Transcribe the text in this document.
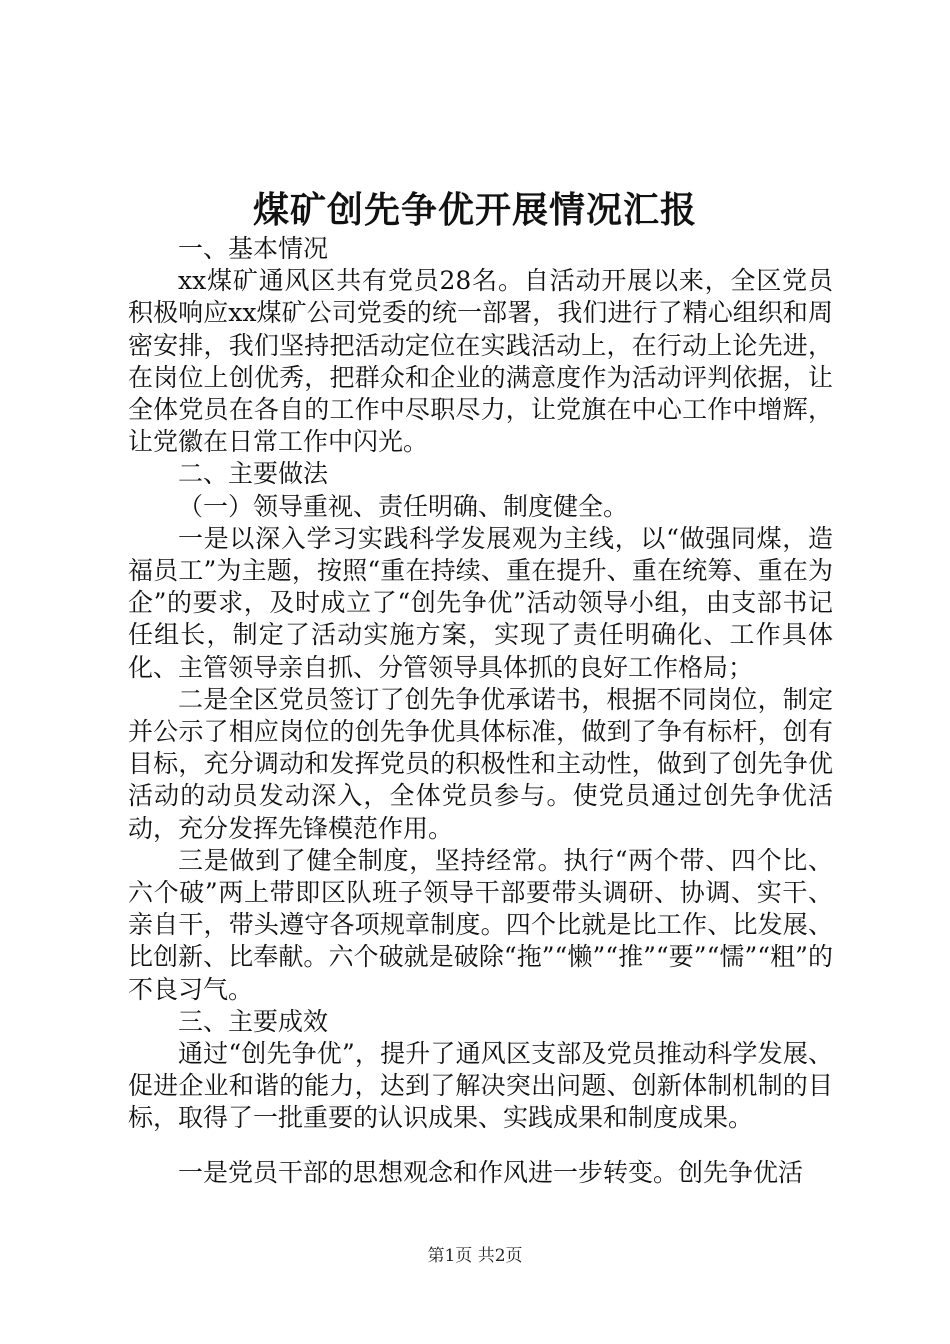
煤矿创先争优开展情况汇报

一、基本情况

xx煤矿通风区共有党员28名。自活动开展以来，全区党员积极响应xx煤矿公司党委的统一部署，我们进行了精心组织和周密安排，我们坚持把活动定位在实践活动上，在行动上论先进，在岗位上创优秀，把群众和企业的满意度作为活动评判依据，让全体党员在各自的工作中尽职尽力，让党旗在中心工作中增辉，让党徽在日常工作中闪光。

二、主要做法

（一）领导重视、责任明确、制度健全。

一是以深入学习实践科学发展观为主线，以“做强同煤，造福员工”为主题，按照“重在持续、重在提升、重在统筹、重在为企”的要求，及时成立了“创先争优”活动领导小组，由支部书记任组长，制定了活动实施方案，实现了责任明确化、工作具体化、主管领导亲自抓、分管领导具体抓的良好工作格局；

二是全区党员签订了创先争优承诺书，根据不同岗位，制定并公示了相应岗位的创先争优具体标准，做到了争有标杆，创有目标，充分调动和发挥党员的积极性和主动性，做到了创先争优活动的动员发动深入，全体党员参与。使党员通过创先争优活动，充分发挥先锋模范作用。

三是做到了健全制度，坚持经常。执行“两个带、四个比、六个破”两上带即区队班子领导干部要带头调研、协调、实干、亲自干，带头遵守各项规章制度。四个比就是比工作、比发展、比创新、比奉献。六个破就是破除“拖”“懒”“推”“要”“懦”“粗”的不良习气。

三、主要成效

通过“创先争优”，提升了通风区支部及党员推动科学发展、促进企业和谐的能力，达到了解决突出问题、创新体制机制的目标，取得了一批重要的认识成果、实践成果和制度成果。

一是党员干部的思想观念和作风进一步转变。创先争优活

第1页 共2页
